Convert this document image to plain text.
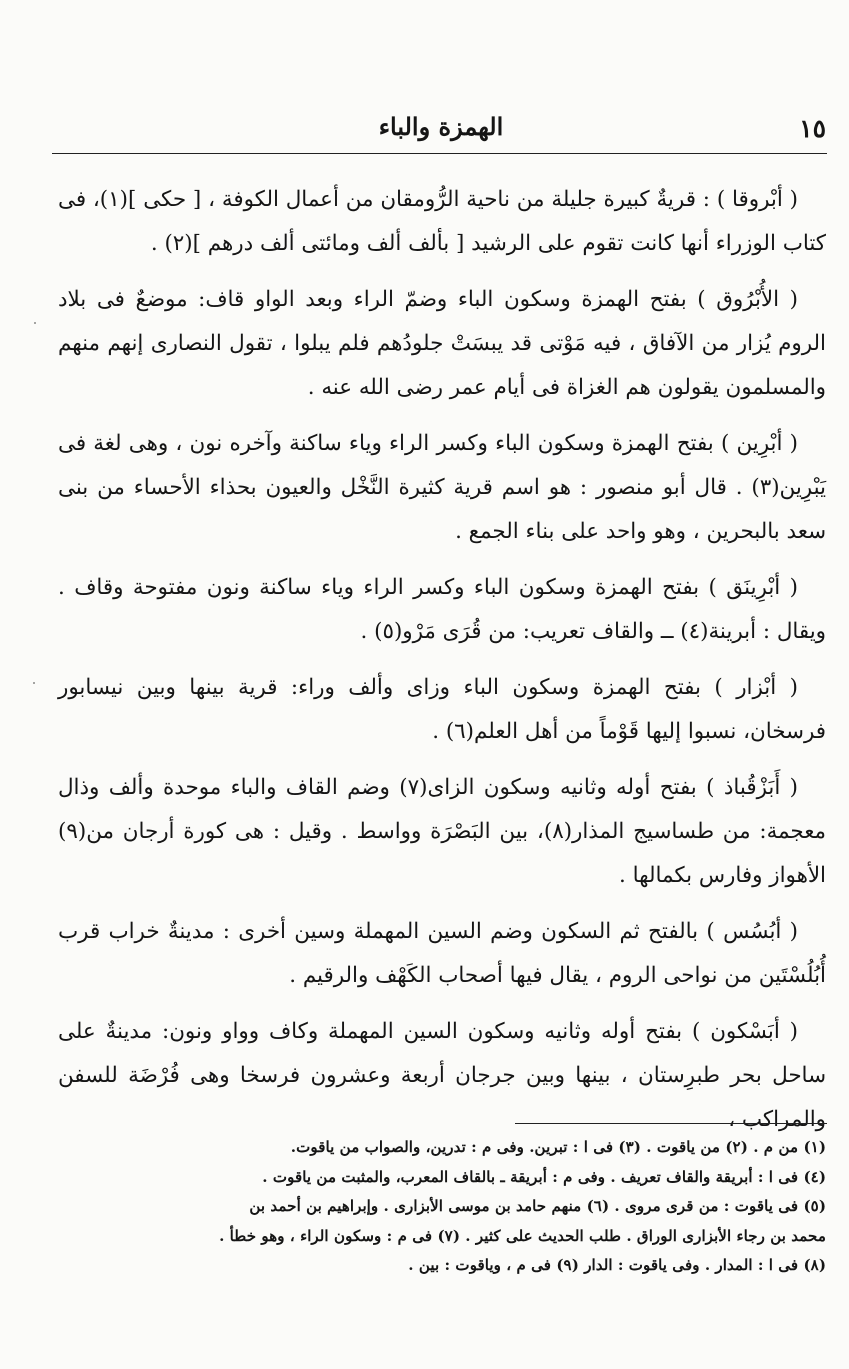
الهمزة والباء	١٥

( أبْروقا ) : قريةٌ كبيرة جليلة من ناحية الرُّومقان من أعمال الكوفة ، [ حكى ](١)، فى كتاب الوزراء أنها كانت تقوم على الرشيد [ بألف ألف ومائتى ألف درهم ](٢) .

( الأُبْرُوق ) بفتح الهمزة وسكون الباء وضمّ الراء وبعد الواو قاف: موضعٌ فى بلاد الروم يُزار من الآفاق ، فيه مَوْتى قد يبسَتْ جلودُهم فلم يبلوا ، تقول النصارى إنهم منهم والمسلمون يقولون هم الغزاة فى أيام عمر رضى الله عنه .

( أبْرِين ) بفتح الهمزة وسكون الباء وكسر الراء وياء ساكنة وآخره نون ، وهى لغة فى يَبْرِين(٣) . قال أبو منصور : هو اسم قرية كثيرة النَّخْل والعيون بحذاء الأحساء من بنى سعد بالبحرين ، وهو واحد على بناء الجمع .

( أبْرِينَق ) بفتح الهمزة وسكون الباء وكسر الراء وياء ساكنة ونون مفتوحة وقاف . ويقال : أبرينة(٤) ــ والقاف تعريب: من قُرَى مَرْو(٥) .

( أبْزار ) بفتح الهمزة وسكون الباء وزاى وألف وراء: قرية بينها وبين نيسابور فرسخان، نسبوا إليها قَوْماً من أهل العلم(٦) .

( أَبَزْقُباذ ) بفتح أوله وثانيه وسكون الزاى(٧) وضم القاف والباء موحدة وألف وذال معجمة: من طساسيج المذار(٨)، بين البَصْرَة وواسط . وقيل : هى كورة أرجان من(٩) الأهواز وفارس بكمالها .

( أبُسُس ) بالفتح ثم السكون وضم السين المهملة وسين أخرى : مدينةٌ خراب قرب أُبُلُسْتَين من نواحى الروم ، يقال فيها أصحاب الكَهْف والرقيم .

( أبَسْكون ) بفتح أوله وثانيه وسكون السين المهملة وكاف وواو ونون: مدينةٌ على ساحل بحر طبرِستان ، بينها وبين جرجان أربعة وعشرون فرسخا وهى فُرْضَة للسفن والمراكب ،

(١) من م . (٢) من ياقوت . (٣) فى ا : تبرين. وفى م : تدرين، والصواب من ياقوت.
(٤) فى ا : أبريقة والقاف تعريف . وفى م : أبريقة ـ بالقاف المعرب، والمثبت من ياقوت .
(٥) فى ياقوت : من قرى مروى . (٦) منهم حامد بن موسى الأبزارى . وإبراهيم بن أحمد بن
محمد بن رجاء الأبزارى الوراق . طلب الحديث على كثير . (٧) فى م : وسكون الراء ، وهو خطأ .
(٨) فى ا : المدار . وفى ياقوت : الدار (٩) فى م ، وياقوت : بين .
